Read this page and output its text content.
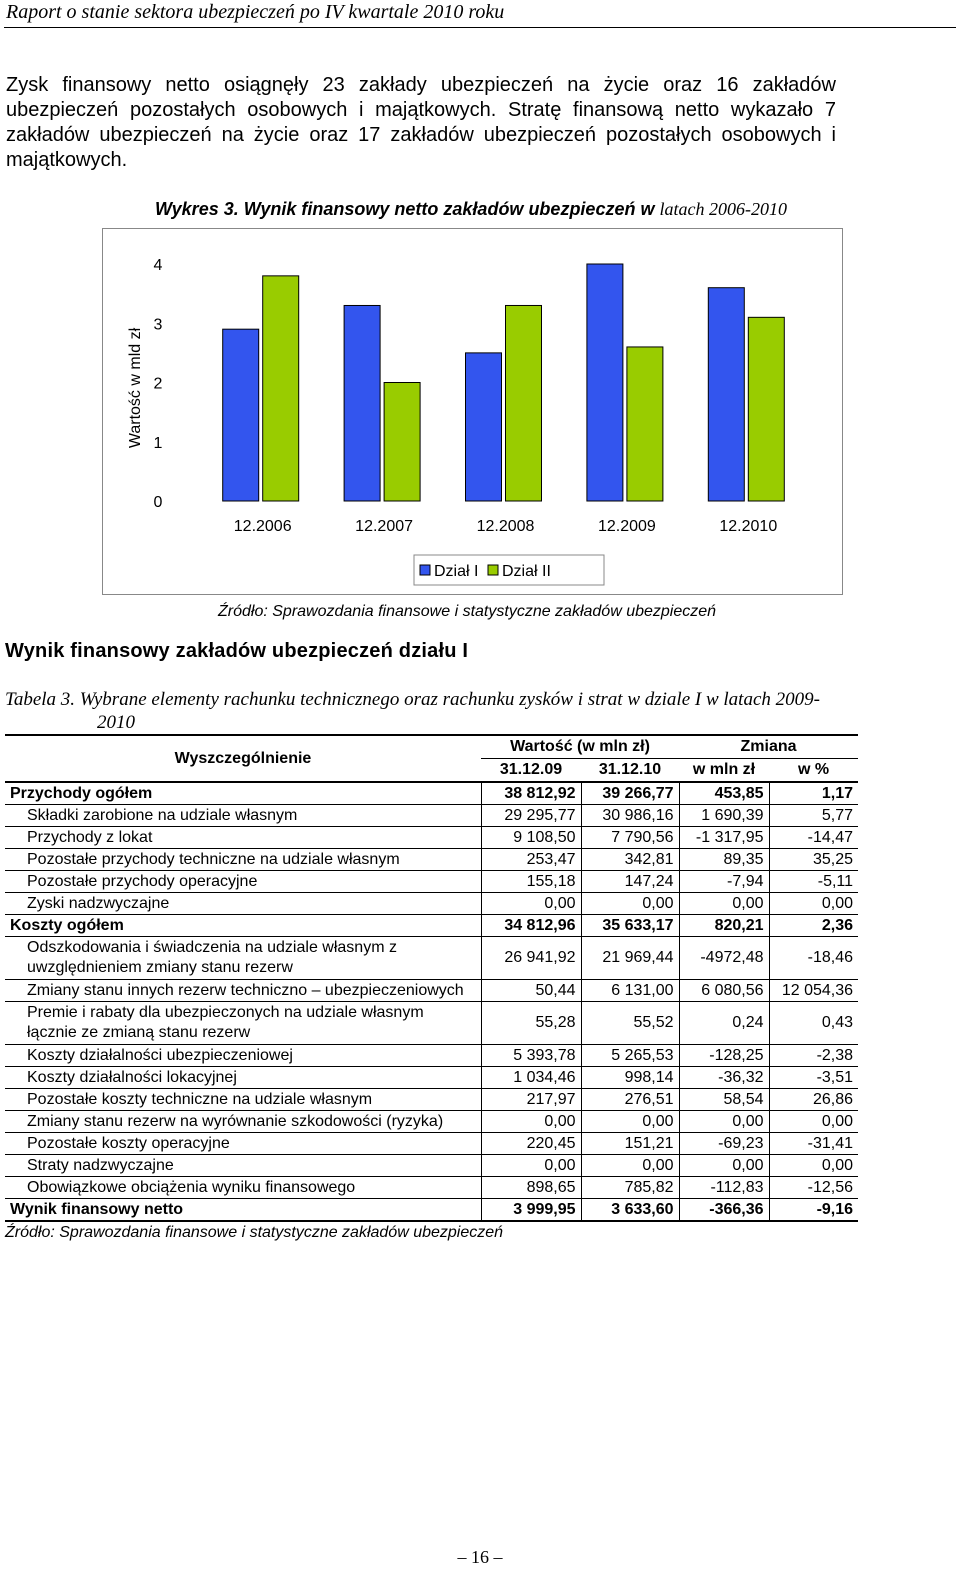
Raport o stanie sektora ubezpieczeń po IV kwartale 2010 roku
Zysk finansowy netto osiągnęły 23 zakłady ubezpieczeń na życie oraz 16 zakładów ubezpieczeń pozostałych osobowych i majątkowych. Stratę finansową netto wykazało 7 zakładów ubezpieczeń na życie oraz 17 zakładów ubezpieczeń pozostałych osobowych i majątkowych.
Wykres 3. Wynik finansowy netto zakładów ubezpieczeń w latach 2006-2010
0
1
2
3
4
Wartość w mld zł
12.2006	12.2007	12.2008	12.2009	12.2010
Dział I Dział II
Źródło: Sprawozdania finansowe i statystyczne zakładów ubezpieczeń
Wynik finansowy zakładów ubezpieczeń działu I
Tabela 3. Wybrane elementy rachunku technicznego oraz rachunku zysków i strat w dziale I w latach 2009-
2010
Wyszczególnienie	Wartość (w mln zł)		Zmiana	
	31.12.09	31.12.10	w mln zł	w %
Przychody ogółem	38 812,92	39 266,77	453,85	1,17
Składki zarobione na udziale własnym	29 295,77	30 986,16	1 690,39	5,77
Przychody z lokat	9 108,50	7 790,56	-1 317,95	-14,47
Pozostałe przychody techniczne na udziale własnym	253,47	342,81	89,35	35,25
Pozostałe przychody operacyjne	155,18	147,24	-7,94	-5,11
Zyski nadzwyczajne	0,00	0,00	0,00	0,00
Koszty ogółem	34 812,96	35 633,17	820,21	2,36
Odszkodowania i świadczenia na udziale własnym z uwzględnieniem zmiany stanu rezerw	26 941,92	21 969,44	-4972,48	-18,46
Zmiany stanu innych rezerw techniczno – ubezpieczeniowych	50,44	6 131,00	6 080,56	12 054,36
Premie i rabaty dla ubezpieczonych na udziale własnym łącznie ze zmianą stanu rezerw	55,28	55,52	0,24	0,43
Koszty działalności ubezpieczeniowej	5 393,78	5 265,53	-128,25	-2,38
Koszty działalności lokacyjnej	1 034,46	998,14	-36,32	-3,51
Pozostałe koszty techniczne na udziale własnym	217,97	276,51	58,54	26,86
Zmiany stanu rezerw na wyrównanie szkodowości (ryzyka)	0,00	0,00	0,00	0,00
Pozostałe koszty operacyjne	220,45	151,21	-69,23	-31,41
Straty nadzwyczajne	0,00	0,00	0,00	0,00
Obowiązkowe obciążenia wyniku finansowego	898,65	785,82	-112,83	-12,56
Wynik finansowy netto	3 999,95	3 633,60	-366,36	-9,16
Źródło: Sprawozdania finansowe i statystyczne zakładów ubezpieczeń
– 16 –
